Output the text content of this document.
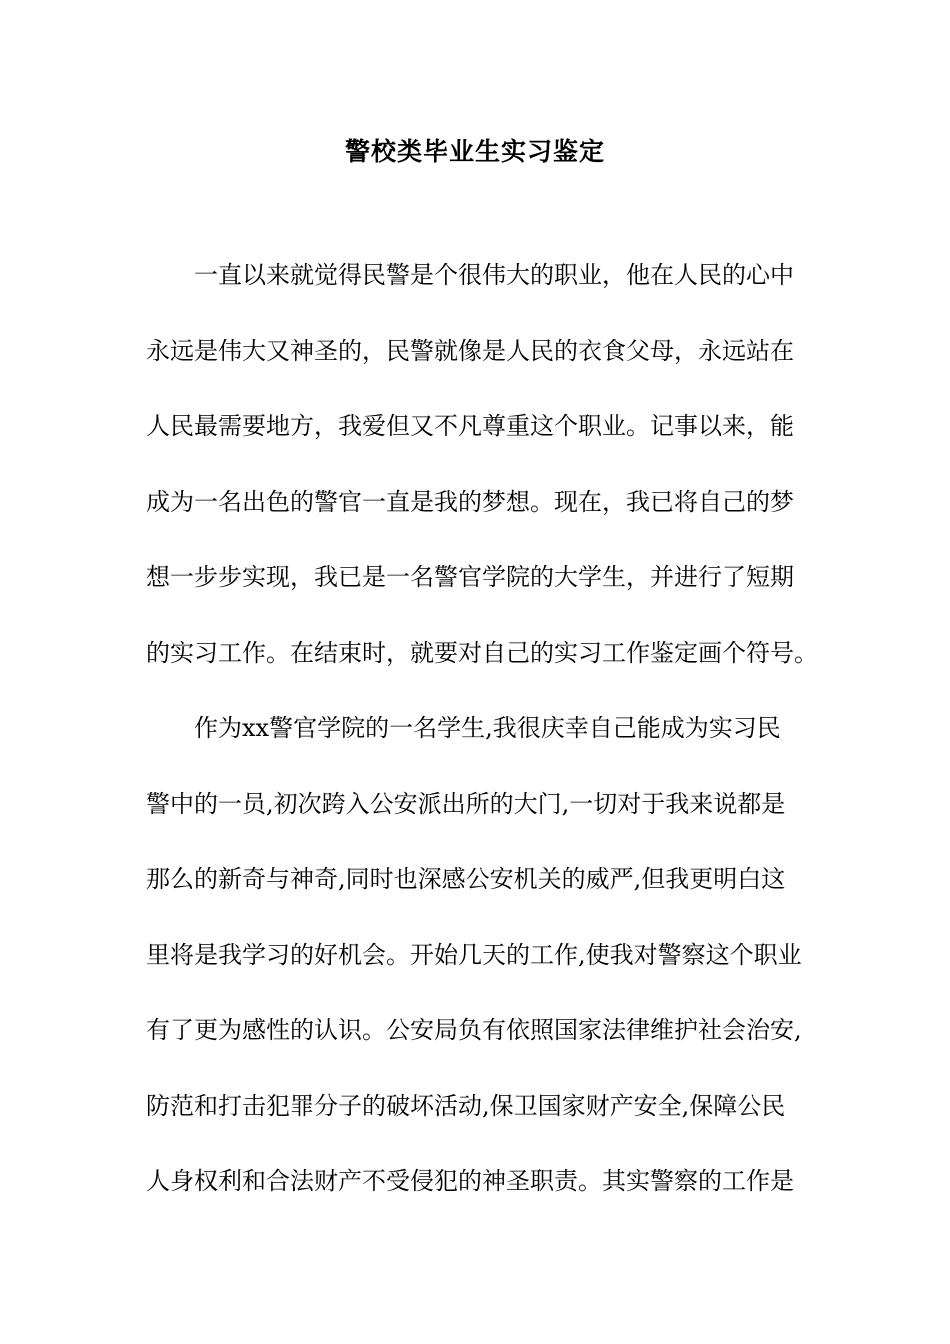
警校类毕业生实习鉴定
一直以来就觉得民警是个很伟大的职业，他在人民的心中
永远是伟大又神圣的，民警就像是人民的衣食父母，永远站在
人民最需要地方，我爱但又不凡尊重这个职业。记事以来，能
成为一名出色的警官一直是我的梦想。现在，我已将自己的梦
想一步步实现，我已是一名警官学院的大学生，并进行了短期
的实习工作。在结束时，就要对自己的实习工作鉴定画个符号。
作为xx警官学院的一名学生,我很庆幸自己能成为实习民
警中的一员,初次跨入公安派出所的大门,一切对于我来说都是
那么的新奇与神奇,同时也深感公安机关的威严,但我更明白这
里将是我学习的好机会。开始几天的工作,使我对警察这个职业
有了更为感性的认识。公安局负有依照国家法律维护社会治安,
防范和打击犯罪分子的破坏活动,保卫国家财产安全,保障公民
人身权利和合法财产不受侵犯的神圣职责。其实警察的工作是
